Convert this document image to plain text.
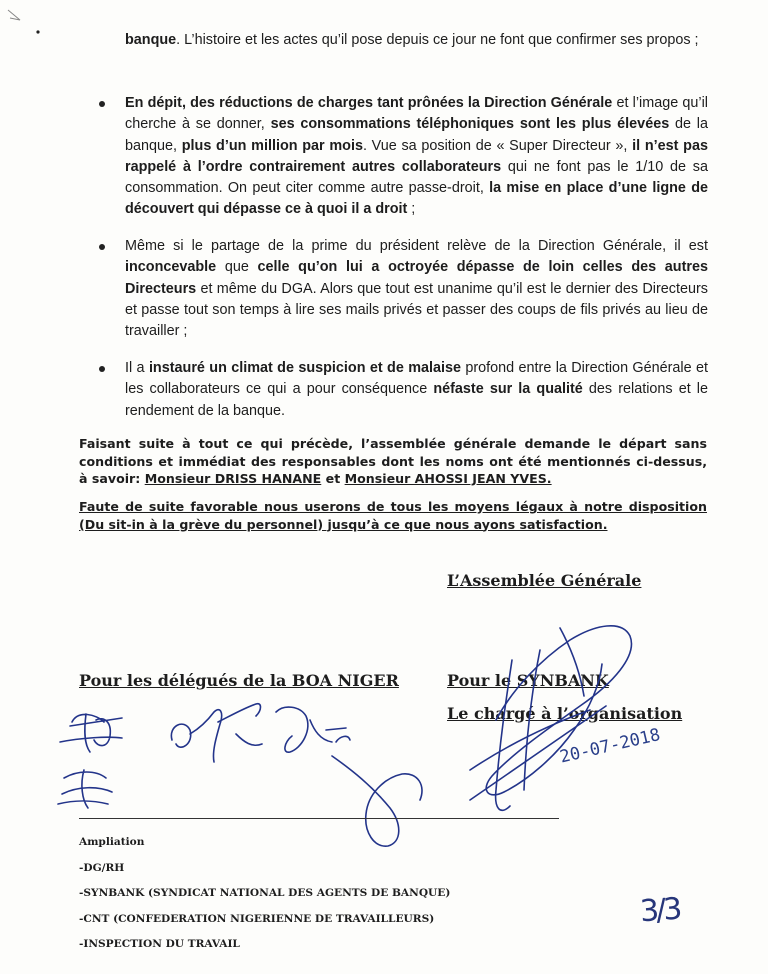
banque. L’histoire et les actes qu’il pose depuis ce jour ne font que confirmer ses propos ;
En dépit, des réductions de charges tant prônées la Direction Générale et l’image qu’il cherche à se donner, ses consommations téléphoniques sont les plus élevées de la banque, plus d’un million par mois. Vue sa position de « Super Directeur », il n’est pas rappelé à l’ordre contrairement autres collaborateurs qui ne font pas le 1/10 de sa consommation. On peut citer comme autre passe-droit, la mise en place d’une ligne de découvert qui dépasse ce à quoi il a droit ;
Même si le partage de la prime du président relève de la Direction Générale, il est inconcevable que celle qu’on lui a octroyée dépasse de loin celles des autres Directeurs et même du DGA. Alors que tout est unanime qu’il est le dernier des Directeurs et passe tout son temps à lire ses mails privés et passer des coups de fils privés au lieu de travailler ;
Il a instauré un climat de suspicion et de malaise profond entre la Direction Générale et les collaborateurs ce qui a pour conséquence néfaste sur la qualité des relations et le rendement de la banque.

Faisant suite à tout ce qui précède, l’assemblée générale demande le départ sans conditions et immédiat des responsables dont les noms ont été mentionnés ci-dessus, à savoir: Monsieur DRISS HANANE et Monsieur AHOSSI JEAN YVES.

Faute de suite favorable nous userons de tous les moyens légaux à notre disposition (Du sit-in à la grève du personnel) jusqu’à ce que nous ayons satisfaction.

L’Assemblée Générale
Pour les délégués de la BOA NIGER	Pour le SYNBANK
Le chargé à l’organisation
20-07-2018
Ampliation
-DG/RH
-SYNBANK (SYNDICAT NATIONAL DES AGENTS DE BANQUE)
-CNT (CONFEDERATION NIGERIENNE DE TRAVAILLEURS)
-INSPECTION DU TRAVAIL
3/3
